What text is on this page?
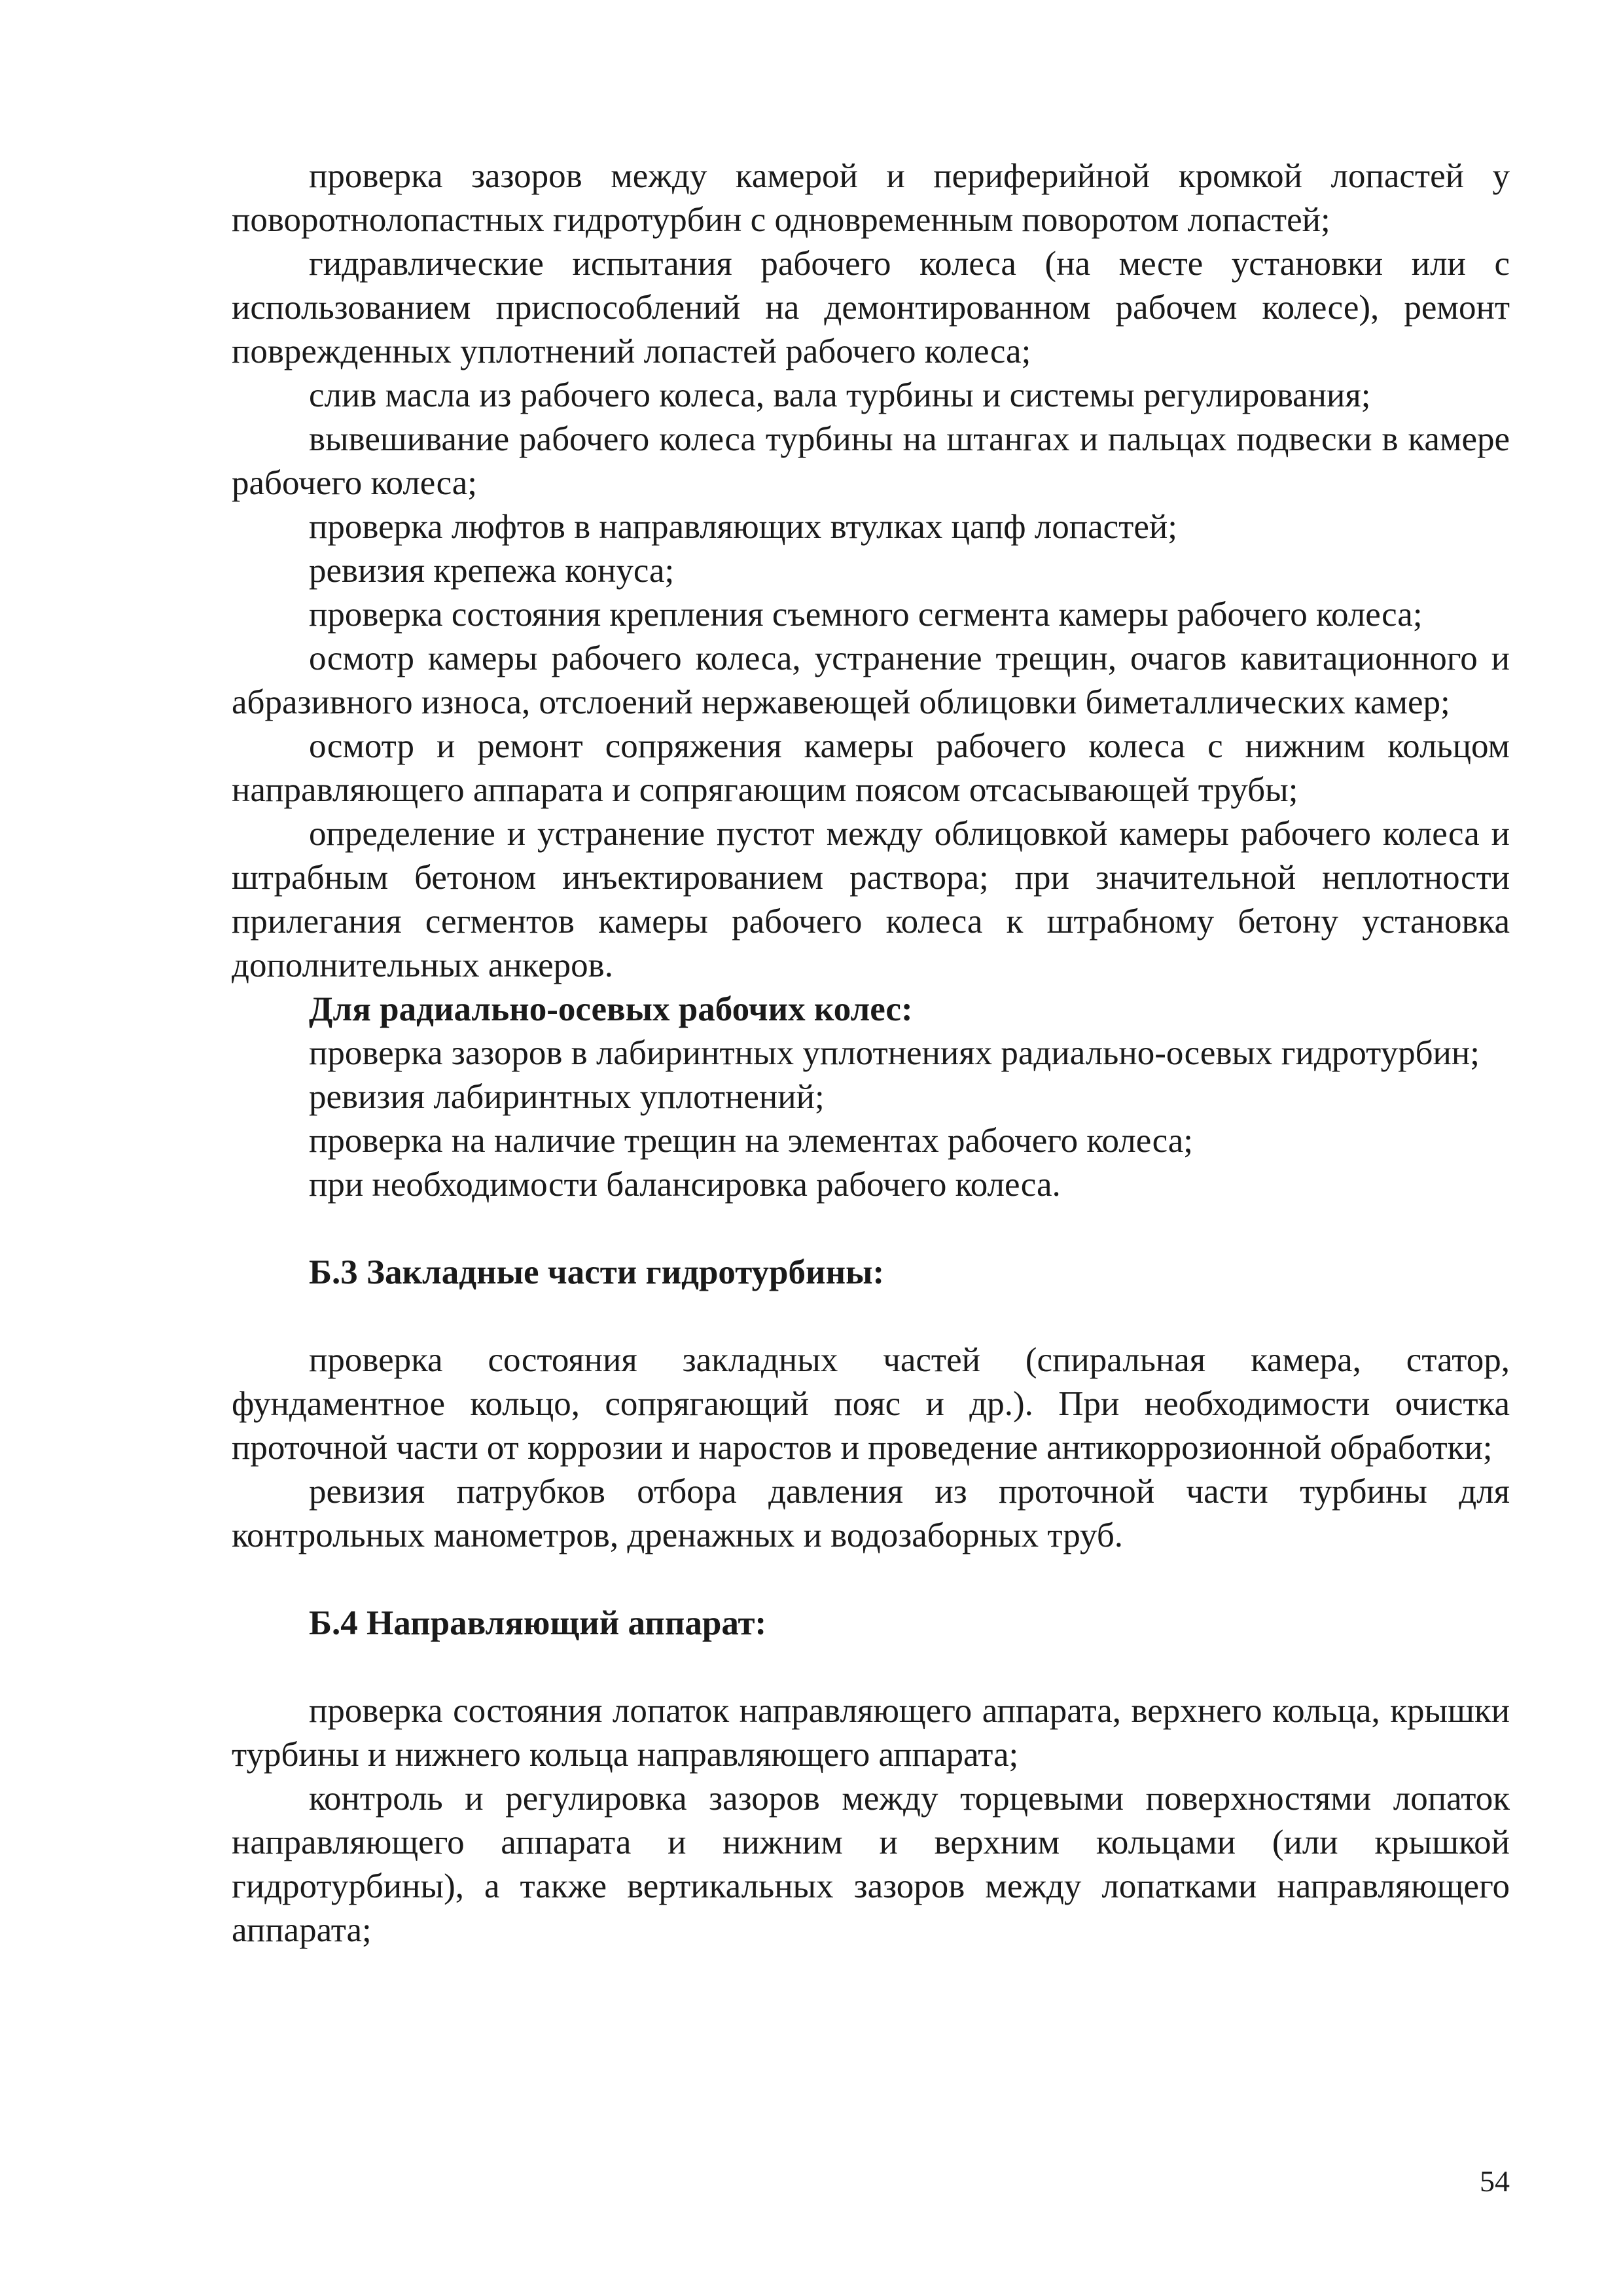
проверка зазоров между камерой и периферийной кромкой лопастей у поворотнолопастных гидротурбин с одновременным поворотом лопастей;

гидравлические испытания рабочего колеса (на месте установки или с использованием приспособлений на демонтированном рабочем колесе), ремонт поврежденных уплотнений лопастей рабочего колеса;

слив масла из рабочего колеса, вала турбины и системы регулирования;

вывешивание рабочего колеса турбины на штангах и пальцах подвески в камере рабочего колеса;

проверка люфтов в направляющих втулках цапф лопастей;

ревизия крепежа конуса;

проверка состояния крепления съемного сегмента камеры рабочего колеса;

осмотр камеры рабочего колеса, устранение трещин, очагов кавитационного и абразивного износа, отслоений нержавеющей облицовки биметаллических камер;

осмотр и ремонт сопряжения камеры рабочего колеса с нижним кольцом направляющего аппарата и сопрягающим поясом отсасывающей трубы;

определение и устранение пустот между облицовкой камеры рабочего колеса и штрабным бетоном инъектированием раствора; при значительной неплотности прилегания сегментов камеры рабочего колеса к штрабному бетону установка дополнительных анкеров.

Для радиально-осевых рабочих колес:

проверка зазоров в лабиринтных уплотнениях радиально-осевых гидротурбин;

ревизия лабиринтных уплотнений;

проверка на наличие трещин на элементах рабочего колеса;

при необходимости балансировка рабочего колеса.

Б.3 Закладные части гидротурбины:

проверка состояния закладных частей (спиральная камера, статор, фундаментное кольцо, сопрягающий пояс и др.). При необходимости очистка проточной части от коррозии и наростов и проведение антикоррозионной обработки;

ревизия патрубков отбора давления из проточной части турбины для контрольных манометров, дренажных и водозаборных труб.

Б.4 Направляющий аппарат:

проверка состояния лопаток направляющего аппарата, верхнего кольца, крышки турбины и нижнего кольца направляющего аппарата;

контроль и регулировка зазоров между торцевыми поверхностями лопаток направляющего аппарата и нижним и верхним кольцами (или крышкой гидротурбины), а также вертикальных зазоров между лопатками направляющего аппарата;

54
